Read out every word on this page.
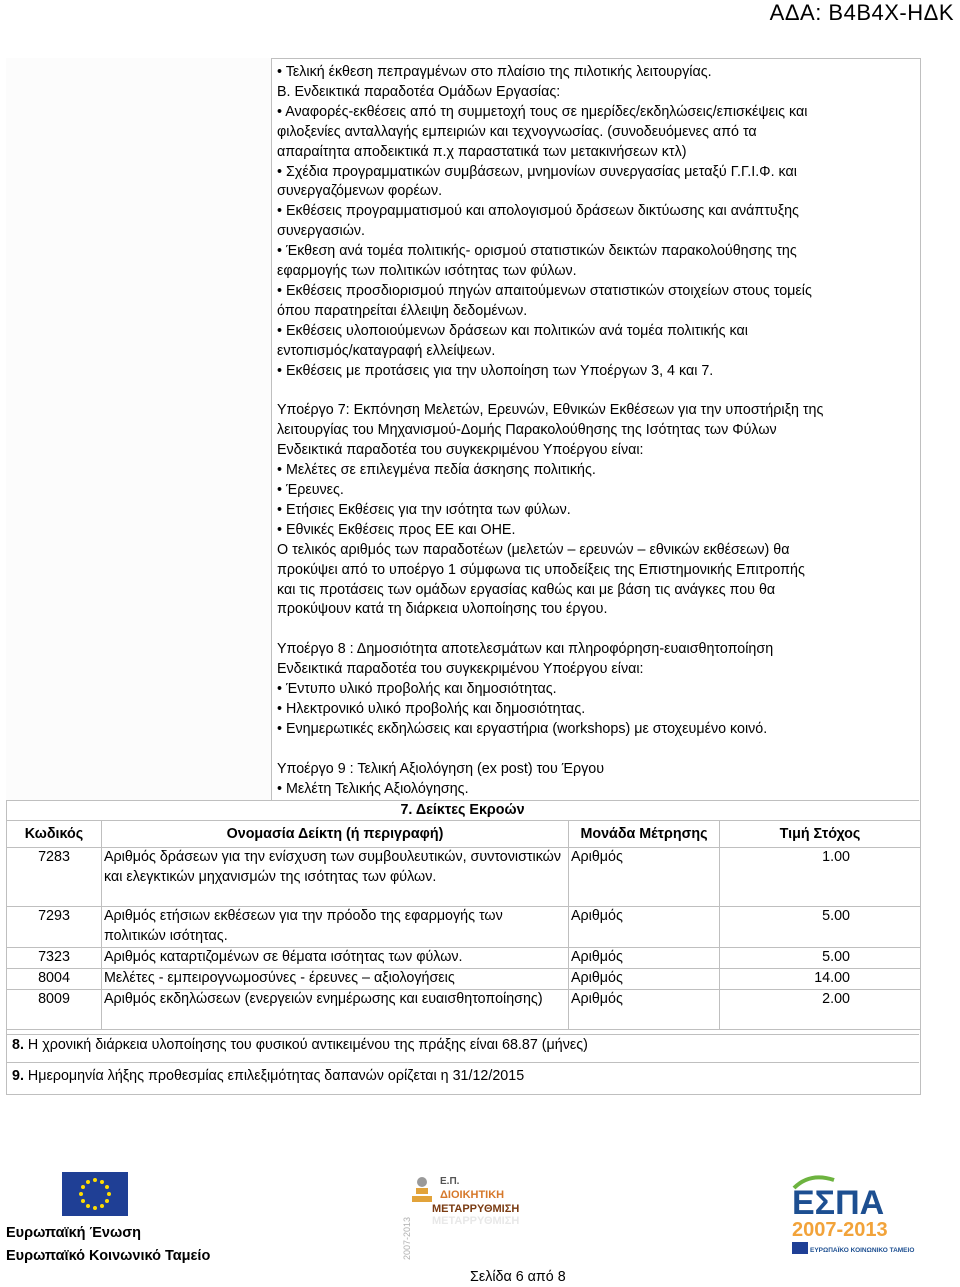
ΑΔΑ: Β4Β4Χ-ΗΔΚ
• Τελική έκθεση πεπραγμένων στο πλαίσιο της πιλοτικής λειτουργίας.
Β. Ενδεικτικά παραδοτέα Ομάδων Εργασίας:
• Αναφορές-εκθέσεις από τη συμμετοχή τους σε ημερίδες/εκδηλώσεις/επισκέψεις και
φιλοξενίες ανταλλαγής εμπειριών και τεχνογνωσίας. (συνοδευόμενες από τα
απαραίτητα αποδεικτικά π.χ παραστατικά των μετακινήσεων κτλ)
• Σχέδια προγραμματικών συμβάσεων, μνημονίων συνεργασίας μεταξύ Γ.Γ.Ι.Φ. και
συνεργαζόμενων φορέων.
• Εκθέσεις προγραμματισμού και απολογισμού δράσεων δικτύωσης και ανάπτυξης
συνεργασιών.
• Έκθεση ανά τομέα πολιτικής- ορισμού στατιστικών δεικτών παρακολούθησης της
εφαρμογής των πολιτικών ισότητας των φύλων.
• Εκθέσεις προσδιορισμού πηγών απαιτούμενων στατιστικών στοιχείων στους τομείς
όπου παρατηρείται έλλειψη δεδομένων.
• Εκθέσεις υλοποιούμενων δράσεων και πολιτικών ανά τομέα πολιτικής και
εντοπισμός/καταγραφή ελλείψεων.
• Εκθέσεις με προτάσεις για την υλοποίηση των Υποέργων 3, 4 και 7.
Υποέργο 7: Εκπόνηση Μελετών, Ερευνών, Εθνικών Εκθέσεων για την υποστήριξη της
λειτουργίας του Μηχανισμού-Δομής Παρακολούθησης της Ισότητας των Φύλων
Ενδεικτικά παραδοτέα του συγκεκριμένου Υποέργου είναι:
• Μελέτες σε επιλεγμένα πεδία άσκησης πολιτικής.
• Έρευνες.
• Ετήσιες Εκθέσεις για την ισότητα των φύλων.
• Εθνικές Εκθέσεις προς ΕΕ και ΟΗΕ.
Ο τελικός αριθμός των παραδοτέων (μελετών – ερευνών – εθνικών εκθέσεων) θα
προκύψει από το υποέργο 1 σύμφωνα τις υποδείξεις της Επιστημονικής Επιτροπής
και τις προτάσεις των ομάδων εργασίας καθώς και με βάση τις ανάγκες που θα
προκύψουν κατά τη διάρκεια υλοποίησης του έργου.
Υποέργο 8 : Δημοσιότητα αποτελεσμάτων και πληροφόρηση-ευαισθητοποίηση
Ενδεικτικά παραδοτέα του συγκεκριμένου Υποέργου είναι:
• Έντυπο υλικό προβολής και δημοσιότητας.
• Ηλεκτρονικό υλικό προβολής και δημοσιότητας.
• Ενημερωτικές εκδηλώσεις και εργαστήρια (workshops) με στοχευμένο κοινό.
Υποέργο 9 : Τελική Αξιολόγηση (ex post) του Έργου
• Μελέτη Τελικής Αξιολόγησης.
7. Δείκτες Εκροών
Κωδικός	Ονομασία Δείκτη (ή περιγραφή)	Μονάδα Μέτρησης	Τιμή Στόχος
7283	Αριθμός δράσεων για την ενίσχυση των συμβουλευτικών, συντονιστικών και ελεγκτικών μηχανισμών της ισότητας των φύλων.	Αριθμός	1.00
7293	Αριθμός ετήσιων εκθέσεων για την πρόοδο της εφαρμογής των πολιτικών ισότητας.	Αριθμός	5.00
7323	Αριθμός καταρτιζομένων σε θέματα ισότητας των φύλων.	Αριθμός	5.00
8004	Μελέτες - εμπειρογνωμοσύνες - έρευνες – αξιολογήσεις	Αριθμός	14.00
8009	Αριθμός εκδηλώσεων (ενεργειών ενημέρωσης και ευαισθητοποίησης)	Αριθμός	2.00
8. Η χρονική διάρκεια υλοποίησης του φυσικού αντικειμένου της πράξης είναι 68.87 (μήνες)
9. Ημερομηνία λήξης προθεσμίας επιλεξιμότητας δαπανών ορίζεται η 31/12/2015
Ευρωπαϊκή Ένωση
Ευρωπαϊκό Κοινωνικό Ταμείο	2007-2013
Ε.Π.
ΔΙΟΙΚΗΤΙΚΗ
ΜΕΤΑΡΡΥΘΜΙΣΗ
ΜΕΤΑΡΡΥΘΜΙΣΗ	ΕΣΠΑ
2007-2013
ΕΥΡΩΠΑΪΚΟ ΚΟΙΝΩΝΙΚΟ ΤΑΜΕΙΟ
Σελίδα 6 από 8
